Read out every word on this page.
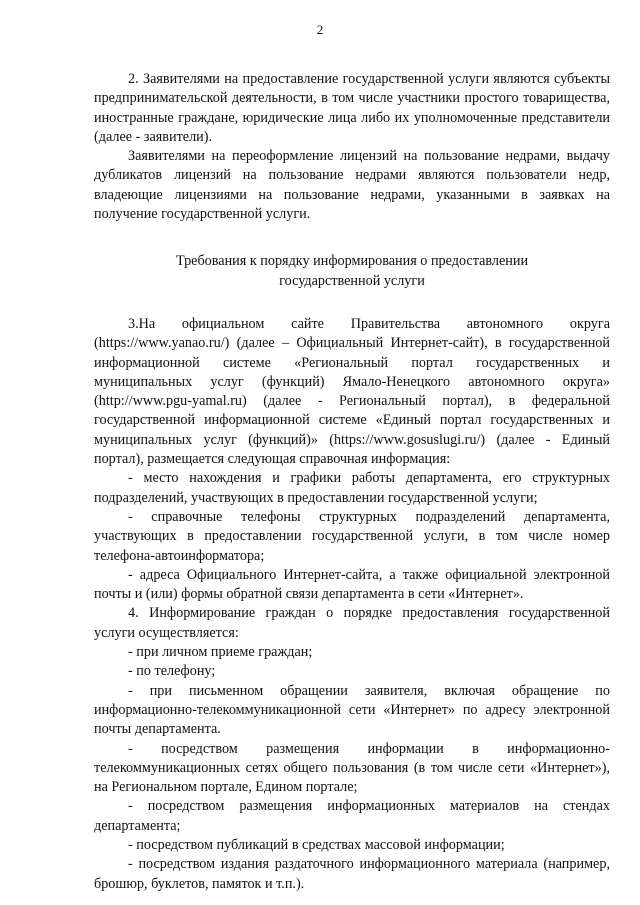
2

2. Заявителями на предоставление государственной услуги являются субъекты предпринимательской деятельности, в том числе участники простого товарищества, иностранные граждане, юридические лица либо их уполномоченные представители (далее - заявители).

Заявителями на переоформление лицензий на пользование недрами, выдачу дубликатов лицензий на пользование недрами являются пользователи недр, владеющие лицензиями на пользование недрами, указанными в заявках на получение государственной услуги.

Требования к порядку информирования о предоставлении
государственной услуги

3.На официальном сайте Правительства автономного округа (https://www.yanao.ru/) (далее – Официальный Интернет-сайт), в государственной информационной системе «Региональный портал государственных и муниципальных услуг (функций) Ямало-Ненецкого автономного округа» (http://www.pgu-yamal.ru) (далее - Региональный портал), в федеральной государственной информационной системе «Единый портал государственных и муниципальных услуг (функций)» (https://www.gosuslugi.ru/) (далее - Единый портал), размещается следующая справочная информация:

- место нахождения и графики работы департамента, его структурных подразделений, участвующих в предоставлении государственной услуги;

- справочные телефоны структурных подразделений департамента, участвующих в предоставлении государственной услуги, в том числе номер телефона-автоинформатора;

- адреса Официального Интернет-сайта, а также официальной электронной почты и (или) формы обратной связи департамента в сети «Интернет».

4. Информирование граждан о порядке предоставления государственной услуги осуществляется:

- при личном приеме граждан;

- по телефону;

- при письменном обращении заявителя, включая обращение по информационно-телекоммуникационной сети «Интернет» по адресу электронной почты департамента.

- посредством размещения информации в информационно-телекоммуникационных сетях общего пользования (в том числе сети «Интернет»), на Региональном портале, Едином портале;

- посредством размещения информационных материалов на стендах департамента;

- посредством публикаций в средствах массовой информации;

- посредством издания раздаточного информационного материала (например, брошюр, буклетов, памяток и т.п.).
